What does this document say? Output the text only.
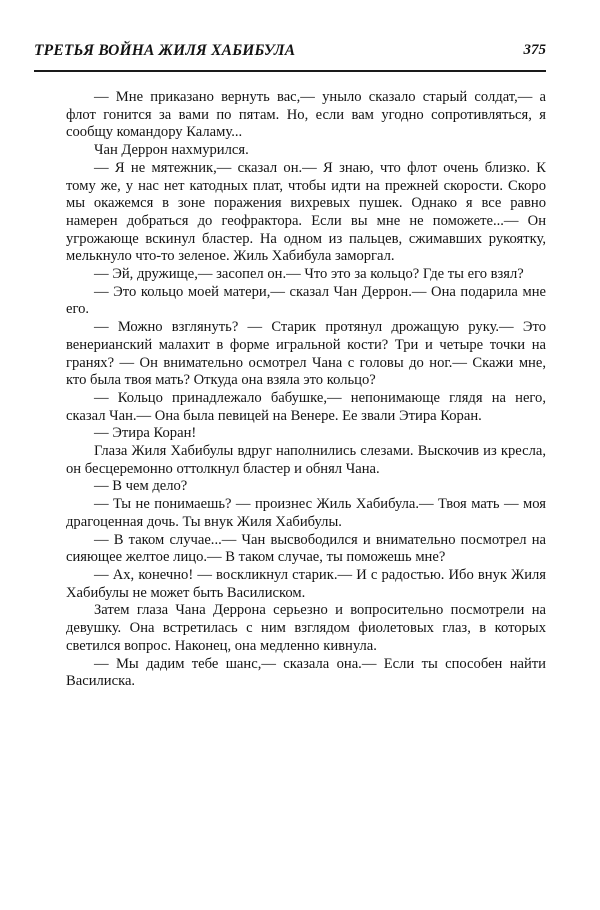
ТРЕТЬЯ ВОЙНА ЖИЛЯ ХАБИБУЛА	375

— Мне приказано вернуть вас,— уныло сказало старый солдат,— а флот гонится за вами по пятам. Но, если вам угодно сопротивляться, я сообщу командору Каламу...

Чан Деррон нахмурился.

— Я не мятежник,— сказал он.— Я знаю, что флот очень близко. К тому же, у нас нет катодных плат, чтобы идти на прежней скорости. Скоро мы окажемся в зоне поражения вихревых пушек. Однако я все равно намерен добраться до геофрактора. Если вы мне не поможете...— Он угрожающе вскинул бластер. На одном из пальцев, сжимавших рукоятку, мелькнуло что-то зеленое. Жиль Хабибула заморгал.

— Эй, дружище,— засопел он.— Что это за кольцо? Где ты его взял?

— Это кольцо моей матери,— сказал Чан Деррон.— Она подарила мне его.

— Можно взглянуть? — Старик протянул дрожащую руку.— Это венерианский малахит в форме игральной кости? Три и четыре точки на гранях? — Он внимательно осмотрел Чана с головы до ног.— Скажи мне, кто была твоя мать? Откуда она взяла это кольцо?

— Кольцо принадлежало бабушке,— непонимающе глядя на него, сказал Чан.— Она была певицей на Венере. Ее звали Этира Коран.

— Этира Коран!

Глаза Жиля Хабибулы вдруг наполнились слезами. Выскочив из кресла, он бесцеремонно оттолкнул бластер и обнял Чана.

— В чем дело?

— Ты не понимаешь? — произнес Жиль Хабибула.— Твоя мать — моя драгоценная дочь. Ты внук Жиля Хабибулы.

— В таком случае...— Чан высвободился и внимательно посмотрел на сияющее желтое лицо.— В таком случае, ты поможешь мне?

— Ах, конечно! — воскликнул старик.— И с радостью. Ибо внук Жиля Хабибулы не может быть Василиском.

Затем глаза Чана Деррона серьезно и вопросительно посмотрели на девушку. Она встретилась с ним взглядом фиолетовых глаз, в которых светился вопрос. Наконец, она медленно кивнула.

— Мы дадим тебе шанс,— сказала она.— Если ты способен найти Василиска.
